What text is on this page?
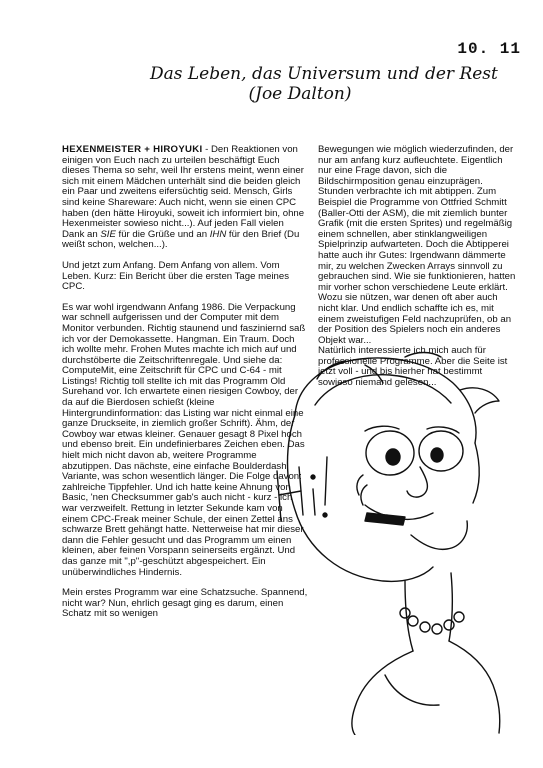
10. 11
Das Leben, das Universum und der Rest
(Joe Dalton)

HEXENMEISTER + HIROYUKI - Den Reaktionen von einigen von Euch nach zu urteilen beschäftigt Euch dieses Thema so sehr, weil Ihr erstens meint, wenn einer sich mit einem Mädchen unterhält sind die beiden gleich ein Paar und zweitens eifersüchtig seid. Mensch, Girls sind keine Shareware: Auch nicht, wenn sie einen CPC haben (den hätte Hiroyuki, soweit ich informiert bin, ohne Hexenmeister sowieso nicht...). Auf jeden Fall vielen Dank an SIE für die Grüße und an IHN für den Brief (Du weißt schon, welchen...).

Und jetzt zum Anfang. Dem Anfang von allem. Vom Leben. Kurz: Ein Bericht über die ersten Tage meines CPC.

Es war wohl irgendwann Anfang 1986. Die Verpackung war schnell aufgerissen und der Computer mit dem Monitor verbunden. Richtig staunend und fasziniernd saß ich vor der Demokassette. Hangman. Ein Traum. Doch ich wollte mehr. Frohen Mutes machte ich mich auf und durchstöberte die Zeitschriftenregale. Und siehe da: ComputeMit, eine Zeitschrift für CPC und C-64 - mit Listings! Richtig toll stellte ich mit das Programm Old Surehand vor. Ich erwartete einen riesigen Cowboy, der da auf die Bierdosen schießt (kleine Hintergrundinformation: das Listing war nicht einmal eine ganze Druckseite, in ziemlich großer Schrift). Ähm, der Cowboy war etwas kleiner. Genauer gesagt 8 Pixel hoch und ebenso breit. Ein undefinierbares Zeichen eben. Das hielt mich nicht davon ab, weitere Programme abzutippen. Das nächste, eine einfache Boulderdash Variante, was schon wesentlich länger. Die Folge davon: zahlreiche Tippfehler. Und ich hatte keine Ahnung von Basic, 'nen Checksummer gab's auch nicht - kurz - ich war verzweifelt. Rettung in letzter Sekunde kam von einem CPC-Freak meiner Schule, der einen Zettel ans schwarze Brett gehängt hatte. Netterweise hat mir dieser dann die Fehler gesucht und das Programm um einen kleinen, aber feinen Vorspann seinerseits ergänzt. Und das ganze mit ",p"-geschützt abgespeichert. Ein unüberwindliches Hindernis.

Mein erstes Programm war eine Schatzsuche. Spannend, nicht war? Nun, ehrlich gesagt ging es darum, einen Schatz mit so wenigen

Bewegungen wie möglich wiederzufinden, der nur am anfang kurz aufleuchtete. Eigentlich nur eine Frage davon, sich die Bildschirmposition genau einzuprägen. Stunden verbrachte ich mit abtippen. Zum Beispiel die Programme von Ottfried Schmitt (Baller-Otti der ASM), die mit ziemlich bunter Grafik (mit die ersten Sprites) und regelmäßig einem schnellen, aber stinklangweiligen Spielprinzip aufwarteten. Doch die Abtipperei hatte auch ihr Gutes: Irgendwann dämmerte mir, zu welchen Zwecken Arrays sinnvoll zu gebrauchen sind. Wie sie funktionieren, hatten mir vorher schon verschiedene Leute erklärt. Wozu sie nützen, war denen oft aber auch nicht klar. Und endlich schaffte ich es, mit einem zweistufigen Feld nachzuprüfen, ob an der Position des Spielers noch ein anderes Objekt war...

Natürlich interessierte ich mich auch für professionelle Programme. Aber die Seite ist jetzt voll - und bis hierher hat bestimmt sowieso niemand gelesen...
